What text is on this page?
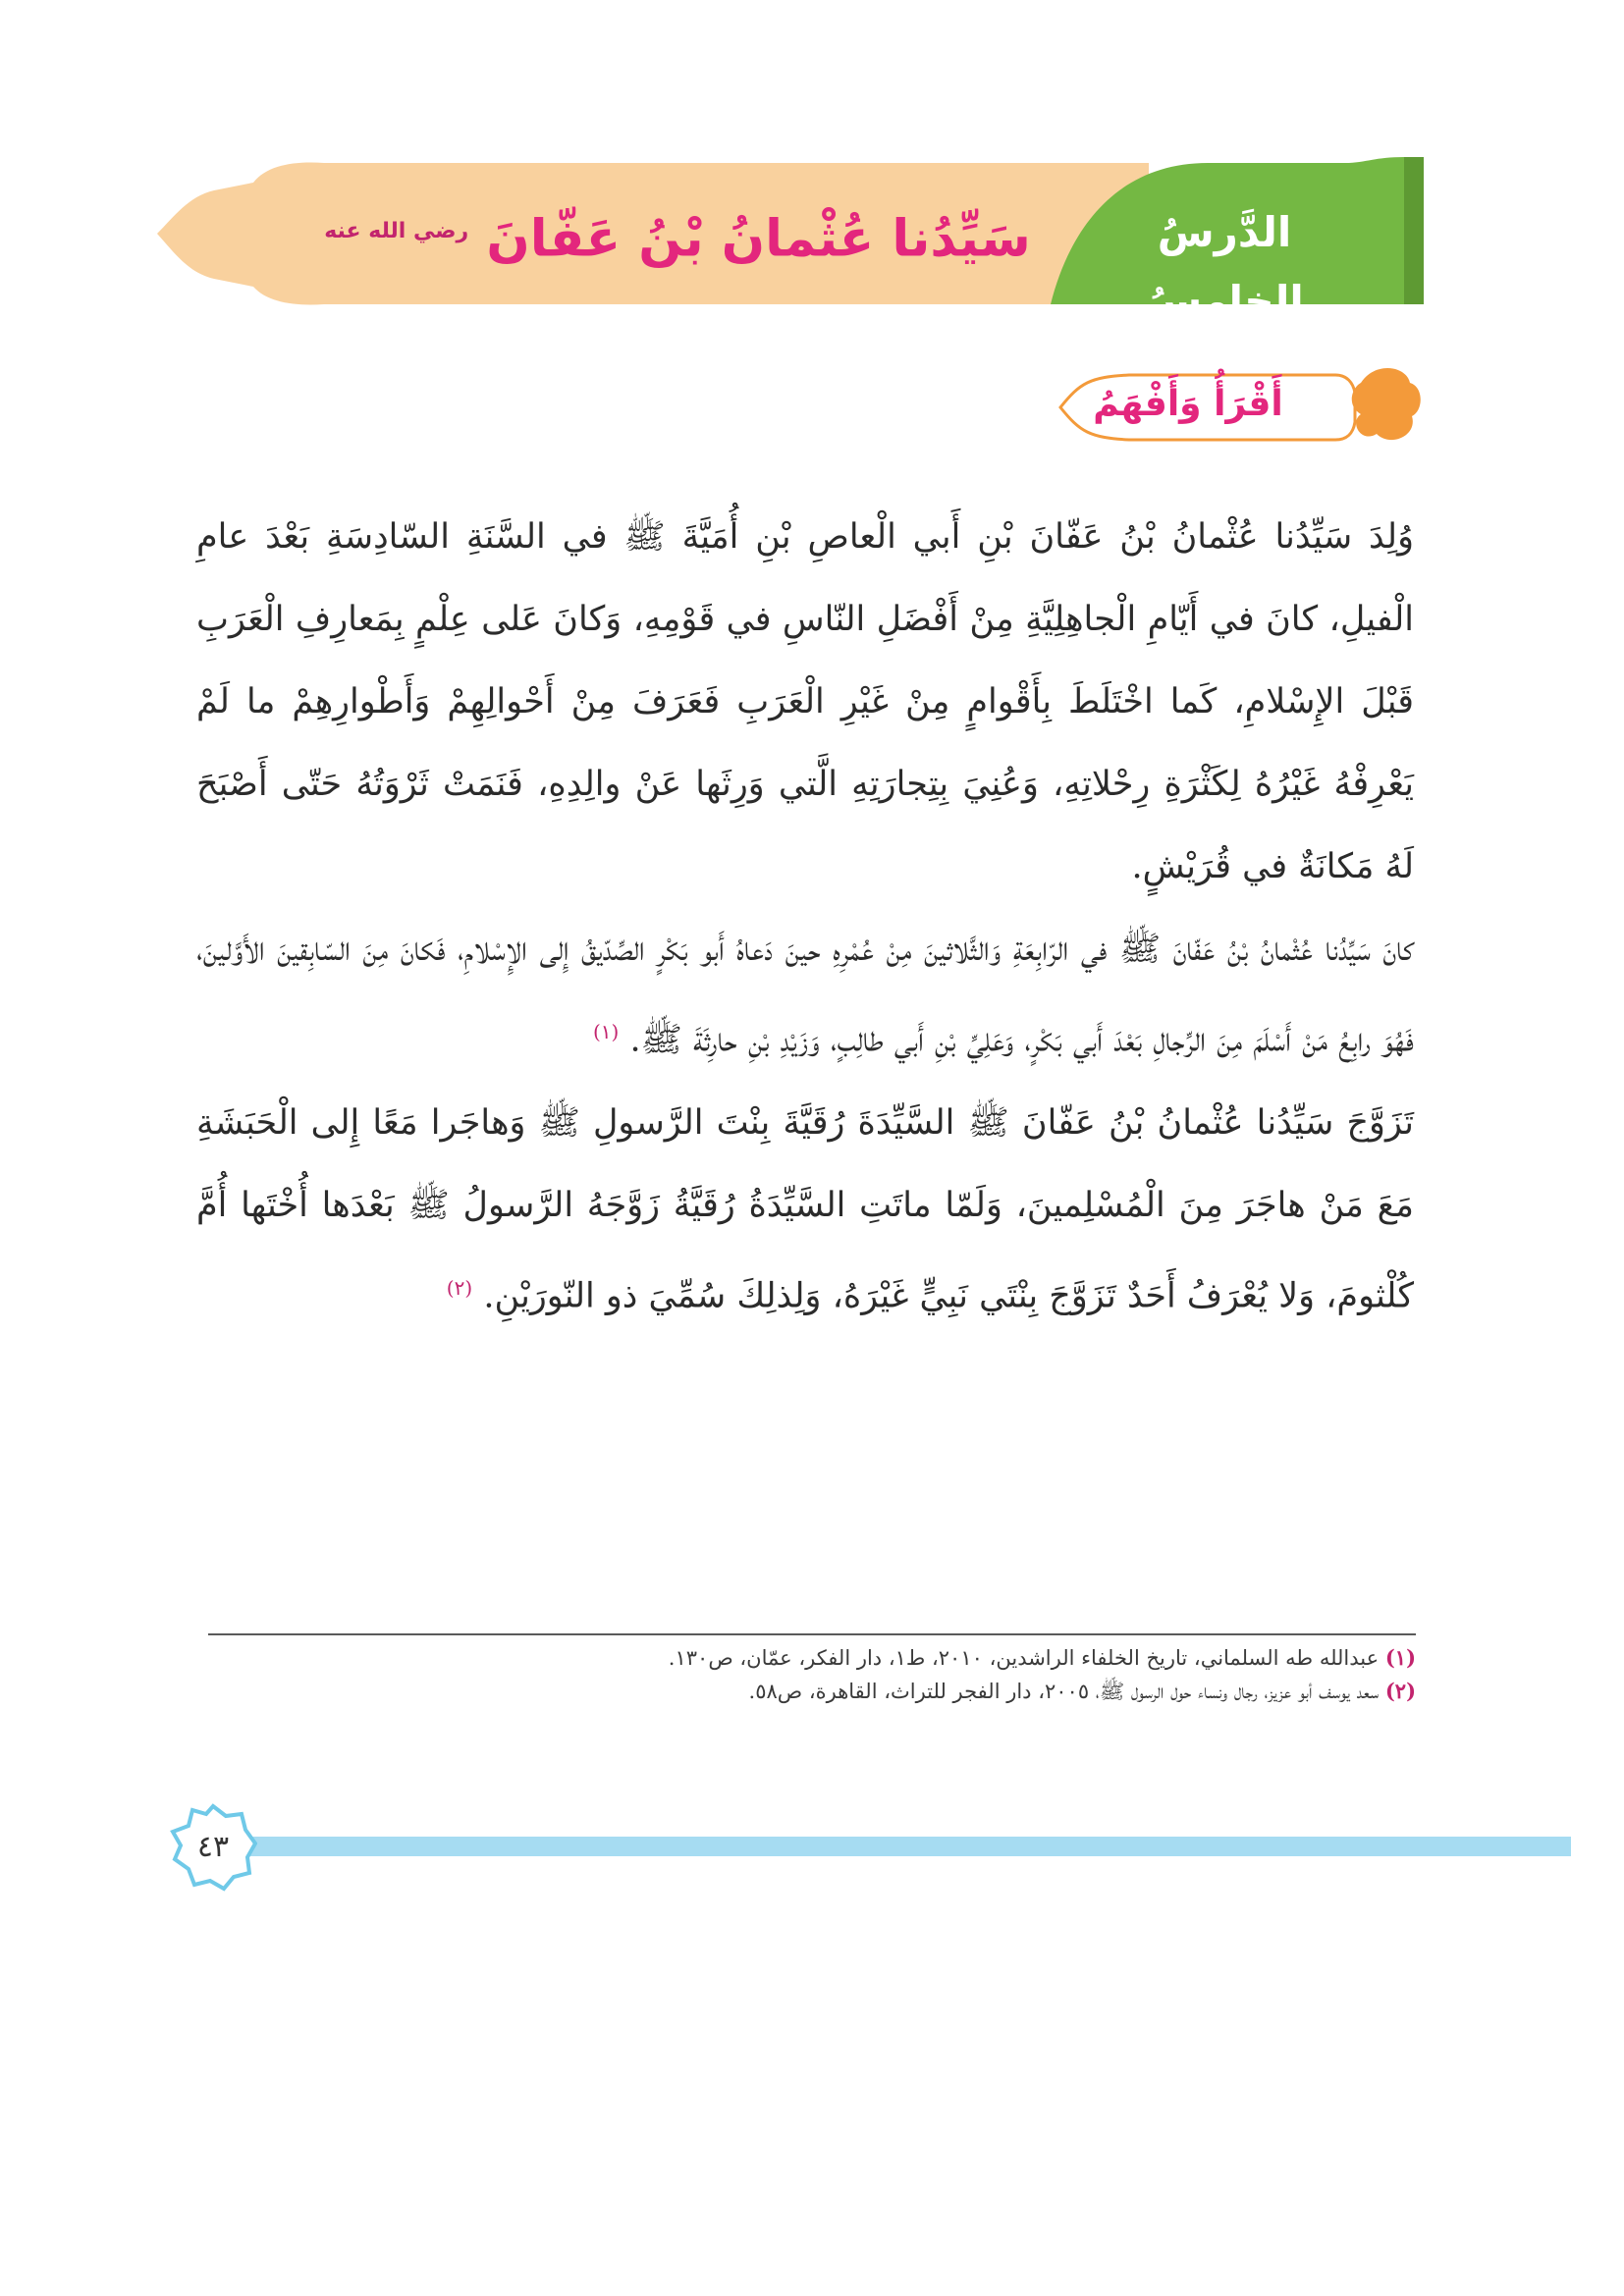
الدَّرسُ الخامِسُ
سَيِّدُنا عُثْمانُ بْنُ عَفّانَ $^{رضي الله عنه}$
أَقْرَأُ وَأَفْهَمُ

وُلِدَ سَيِّدُنا عُثْمانُ بْنُ عَفّانَ بْنِ أَبي الْعاصِ بْنِ أُمَيَّةَ ﷺ في السَّنَةِ السّادِسَةِ بَعْدَ عامِ الْفيلِ، كانَ في أَيّامِ الْجاهِلِيَّةِ مِنْ أَفْضَلِ النّاسِ في قَوْمِهِ، وَكانَ عَلى عِلْمٍ بِمَعارِفِ الْعَرَبِ قَبْلَ الإِسْلامِ، كَما اخْتَلَطَ بِأَقْوامٍ مِنْ غَيْرِ الْعَرَبِ فَعَرَفَ مِنْ أَحْوالِهِمْ وَأَطْوارِهِمْ ما لَمْ يَعْرِفْهُ غَيْرُهُ لِكَثْرَةِ رِحْلاتِهِ، وَعُنِيَ بِتِجارَتِهِ الَّتي وَرِثَها عَنْ والِدِهِ، فَنَمَتْ ثَرْوَتُهُ حَتّى أَصْبَحَ لَهُ مَكانَةٌ في قُرَيْشٍ.

كانَ سَيِّدُنا عُثْمانُ بْنُ عَفّانَ ﷺ في الرّابِعَةِ وَالثَّلاثينَ مِنْ عُمْرِهِ حينَ دَعاهُ أَبو بَكْرٍ الصِّدّيقُ إِلى الإِسْلامِ، فَكانَ مِنَ السّابِقينَ الأَوَّلينَ، فَهُوَ رابِعُ مَنْ أَسْلَمَ مِنَ الرِّجالِ بَعْدَ أَبي بَكْرٍ، وَعَلِيِّ بْنِ أَبي طالِبٍ، وَزَيْدِ بْنِ حارِثَةَ ﷺ. $^{(١)}$

تَزَوَّجَ سَيِّدُنا عُثْمانُ بْنُ عَفّانَ ﷺ السَّيِّدَةَ رُقَيَّةَ بِنْتَ الرَّسولِ ﷺ وَهاجَرا مَعًا إِلى الْحَبَشَةِ مَعَ مَنْ هاجَرَ مِنَ الْمُسْلِمينَ، وَلَمّا ماتَتِ السَّيِّدَةُ رُقَيَّةُ زَوَّجَهُ الرَّسولُ ﷺ بَعْدَها أُخْتَها أُمَّ كُلْثومَ، وَلا يُعْرَفُ أَحَدٌ تَزَوَّجَ بِنْتَي نَبِيٍّ غَيْرَهُ، وَلِذلِكَ سُمِّيَ ذو النّورَيْنِ. $^{(٢)}$

(١) عبدالله طه السلماني، تاريخ الخلفاء الراشدين، ٢٠١٠، ط١، دار الفكر، عمّان، ص١٣٠.

(٢) سعد يوسف أبو عزيز، رجال ونساء حول الرسول ﷺ، ٢٠٠٥، دار الفجر للتراث، القاهرة، ص٥٨.

٤٣
